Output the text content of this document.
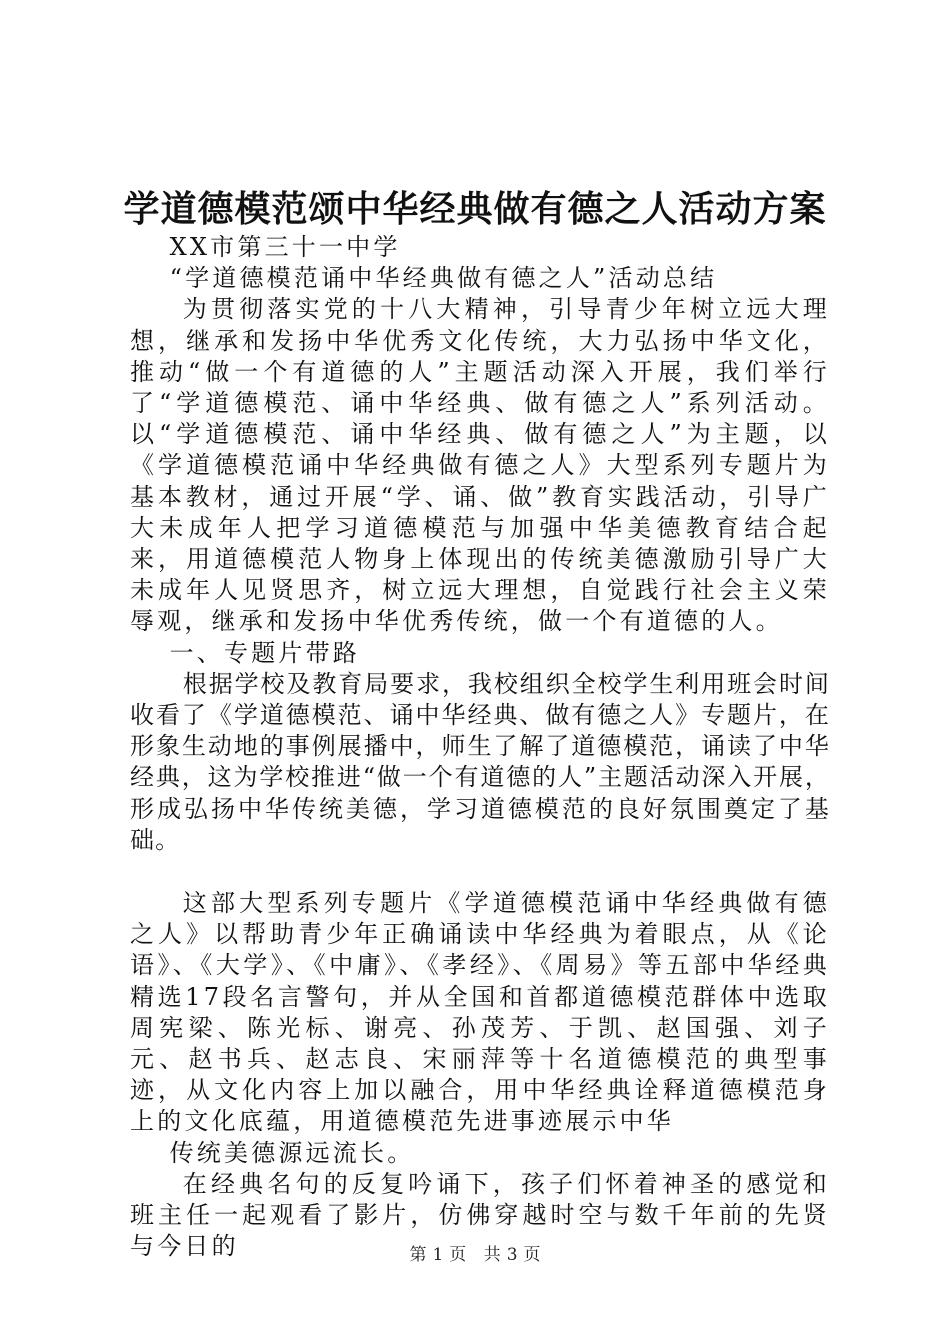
学道德模范颂中华经典做有德之人活动方案

XX市第三十一中学

“学道德模范诵中华经典做有德之人”活动总结

为贯彻落实党的十八大精神，引导青少年树立远大理想，继承和发扬中华优秀文化传统，大力弘扬中华文化，推动“做一个有道德的人”主题活动深入开展，我们举行了“学道德模范、诵中华经典、做有德之人”系列活动。以“学道德模范、诵中华经典、做有德之人”为主题，以《学道德模范诵中华经典做有德之人》大型系列专题片为基本教材，通过开展“学、诵、做”教育实践活动，引导广大未成年人把学习道德模范与加强中华美德教育结合起来，用道德模范人物身上体现出的传统美德激励引导广大未成年人见贤思齐，树立远大理想，自觉践行社会主义荣辱观，继承和发扬中华优秀传统，做一个有道德的人。

一、专题片带路

根据学校及教育局要求，我校组织全校学生利用班会时间收看了《学道德模范、诵中华经典、做有德之人》专题片，在形象生动地的事例展播中，师生了解了道德模范，诵读了中华经典，这为学校推进“做一个有道德的人”主题活动深入开展，形成弘扬中华传统美德，学习道德模范的良好氛围奠定了基础。

这部大型系列专题片《学道德模范诵中华经典做有德之人》以帮助青少年正确诵读中华经典为着眼点，从《论语》、《大学》、《中庸》、《孝经》、《周易》等五部中华经典精选17段名言警句，并从全国和首都道德模范群体中选取周宪梁、陈光标、谢亮、孙茂芳、于凯、赵国强、刘子元、赵书兵、赵志良、宋丽萍等十名道德模范的典型事迹，从文化内容上加以融合，用中华经典诠释道德模范身上的文化底蕴，用道德模范先进事迹展示中华

传统美德源远流长。

在经典名句的反复吟诵下，孩子们怀着神圣的感觉和班主任一起观看了影片，仿佛穿越时空与数千年前的先贤与今日的	第 1 页 共 3 页
